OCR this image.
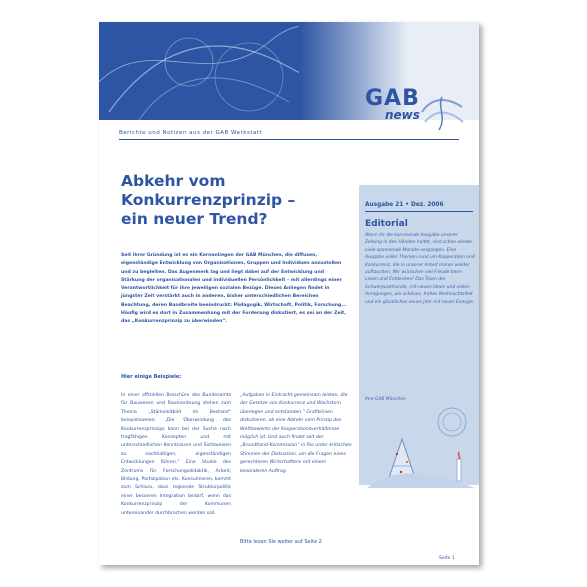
GAB
news
Berichte und Notizen aus der GAB Werkstatt
Abkehr vom
Konkurrenzprinzip –
ein neuer Trend?
Seit ihrer Gründung ist es ein Kernanliegen der GAB München, die diffusen, eigenständige Entwicklung von Organisationen, Gruppen und Individuen anzustoßen und zu begleiten. Das Augenmerk lag und liegt dabei auf der Entwicklung und Stärkung der organisationalen und individuellen Persönlichkeit – mit allerdings einer Verantwortlichkeit für ihre jeweiligen sozialen Bezüge. Dieses Anliegen findet in jüngster Zeit verstärkt auch in anderen, bisher unterschiedlichen Bereichen Beachtung, deren Bandbreite beeindruckt: Pädagogik, Wirtschaft, Politik, Forschung... Häufig wird es dort in Zusammenhang mit der Forderung diskutiert, es sei an der Zeit, das „Konkurrenzprinzip zu überwinden“.
Hier einige Beispiele:
In einer offiziellen Broschüre des Bundesamts für Bauwesen und Raumordnung stehen zum Thema „Stärkeleitbild im Bestand“ beispielsweise: „Die Überwindung des Konkurrenzprinzips kann bei der Suche nach tragfähigen Konzepten und mit unterschiedlichen Kenntnissen und Sichtweisen zu nachhaltigen, eigenständigen Entwicklungen führen.“ Eine Studie des Zentrums für Forschungsdidaktik, Arbeit, Bildung, Partizipation etc. Konsumieren, kommt zum Schluss, dass regionale Strukturpolitik einer besseren Integration bedarf, wenn das Konkurrenzprinzip der Kommunen untereinander durchbrochen werden soll.
„Aufgaben in Eintracht gemeinsam leisten, die der Gesetze von Konkurrenz und Wachstum überlegen und entstanden.“ Grafiklinien diskutieren, ob eine Abkehr vom Prinzip des Wettbewerbs der Kooperationsverhältnisse möglich ist. Und auch findet seit der „Brundtland-Kommission“ in Rio unter kritischen Stimmen der Diskussion, um die Fragen eines gerechteren Wirtschaftens mit einem besonderen Auftrag.
Bitte lesen Sie weiter auf Seite 2
Ausgabe 21 • Dez. 2006
Editorial
Wenn ihr die kommende Ausgabe unserer Zeitung in den Händen haltet, sind schon wieder viele spannende Monate vergangen. Eine Ausgabe voller Themen rund um Kooperation und Konkurrenz, die in unserer Arbeit immer wieder auftauchen. Wir wünschen viel Freude beim Lesen und Entdecken! Das Team der Schwerpunktrunde, mit neuen Ideen und vielen Anregungen, ein schönes, frohes Weihnachtsfest und ein glückliches neues Jahr mit neuer Energie.
Ihre GAB München
Seite 1
